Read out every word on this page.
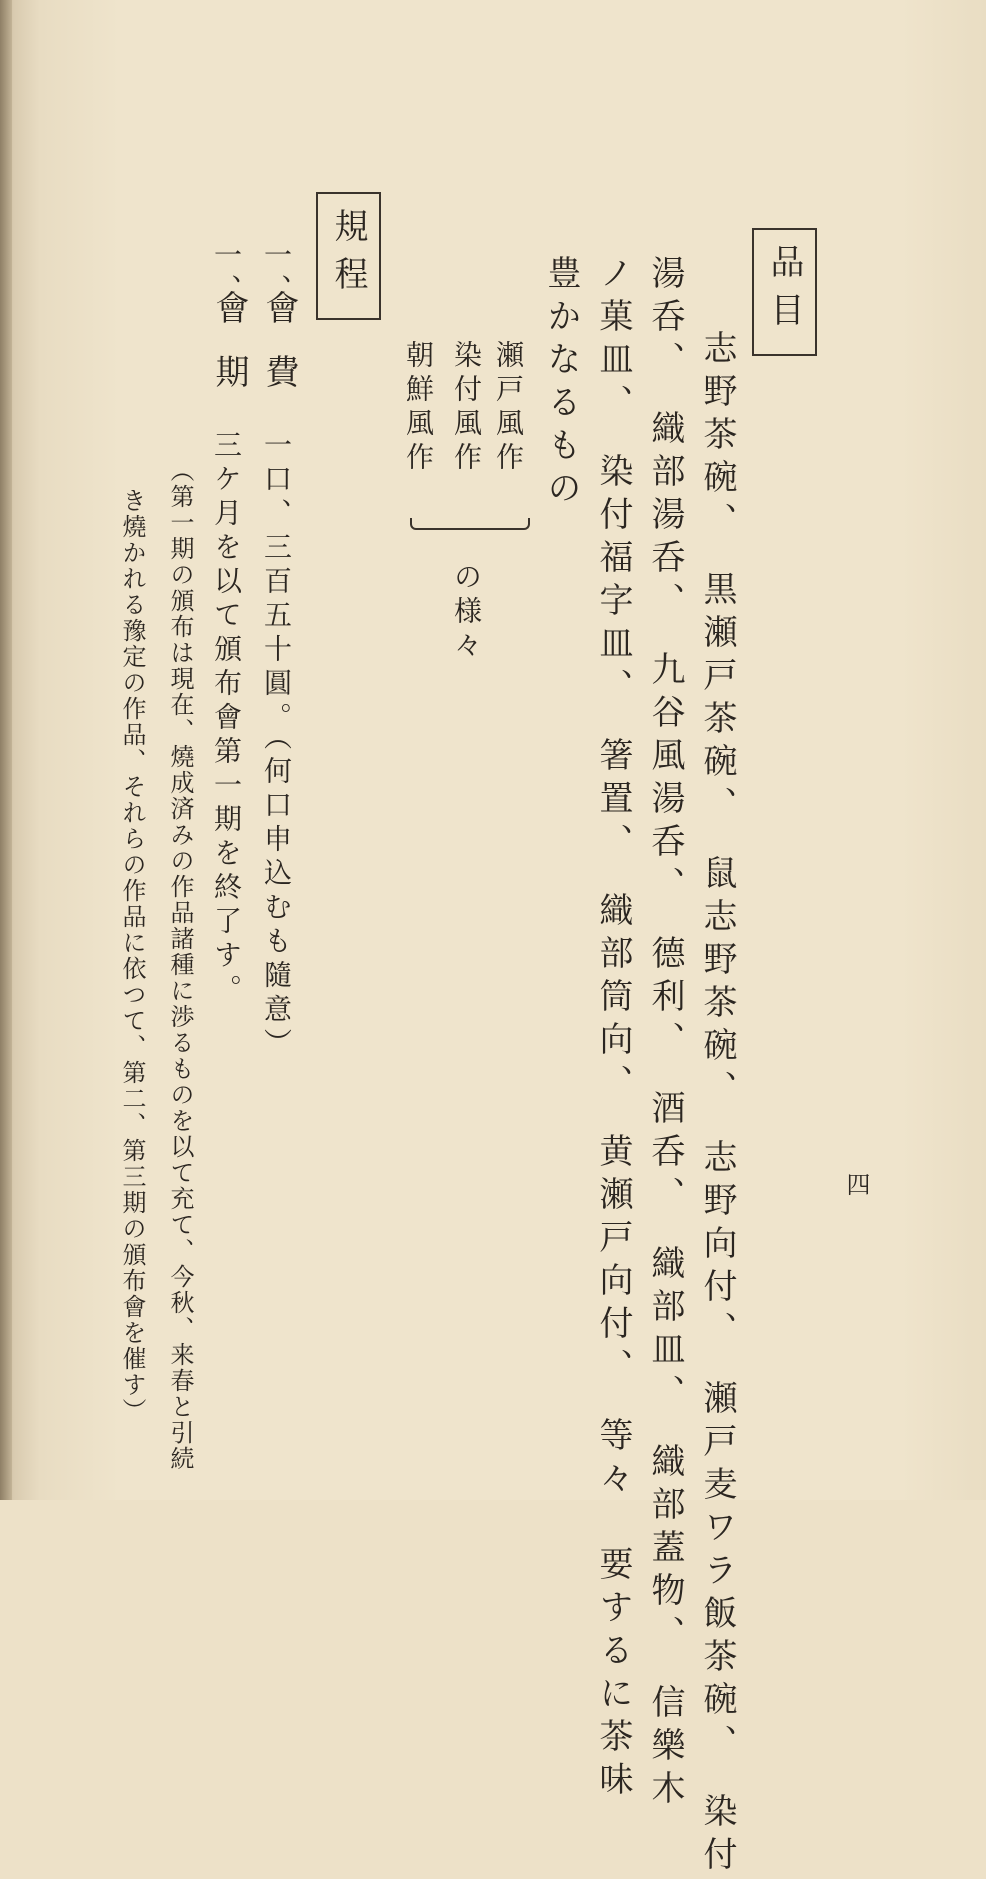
品目
志野茶碗、　黒瀬戸茶碗、　鼠志野茶碗、　志野向付、　瀬戸麦ワラ飯茶碗、　染付
湯呑、　織部湯呑、　九谷風湯呑、　德利、　酒呑、　織部皿、　織部蓋物、　信樂木
ノ菓皿、　染付福字皿、　箸置、　織部筒向、　黄瀬戸向付、　等々　要するに茶味
豊かなるもの
瀬戸風作
染付風作
朝鮮風作
の様々
規程
一、
會費
一口、三百五十圓。（何口申込むも隨意）
一、
會期
三ケ月を以て頒布會第一期を終了す。
（第一期の頒布は現在、燒成済みの作品諸種に渉るものを以て充て、今秋、来春と引続
き燒かれる豫定の作品、それらの作品に依つて、第二、第三期の頒布會を催す）	四
